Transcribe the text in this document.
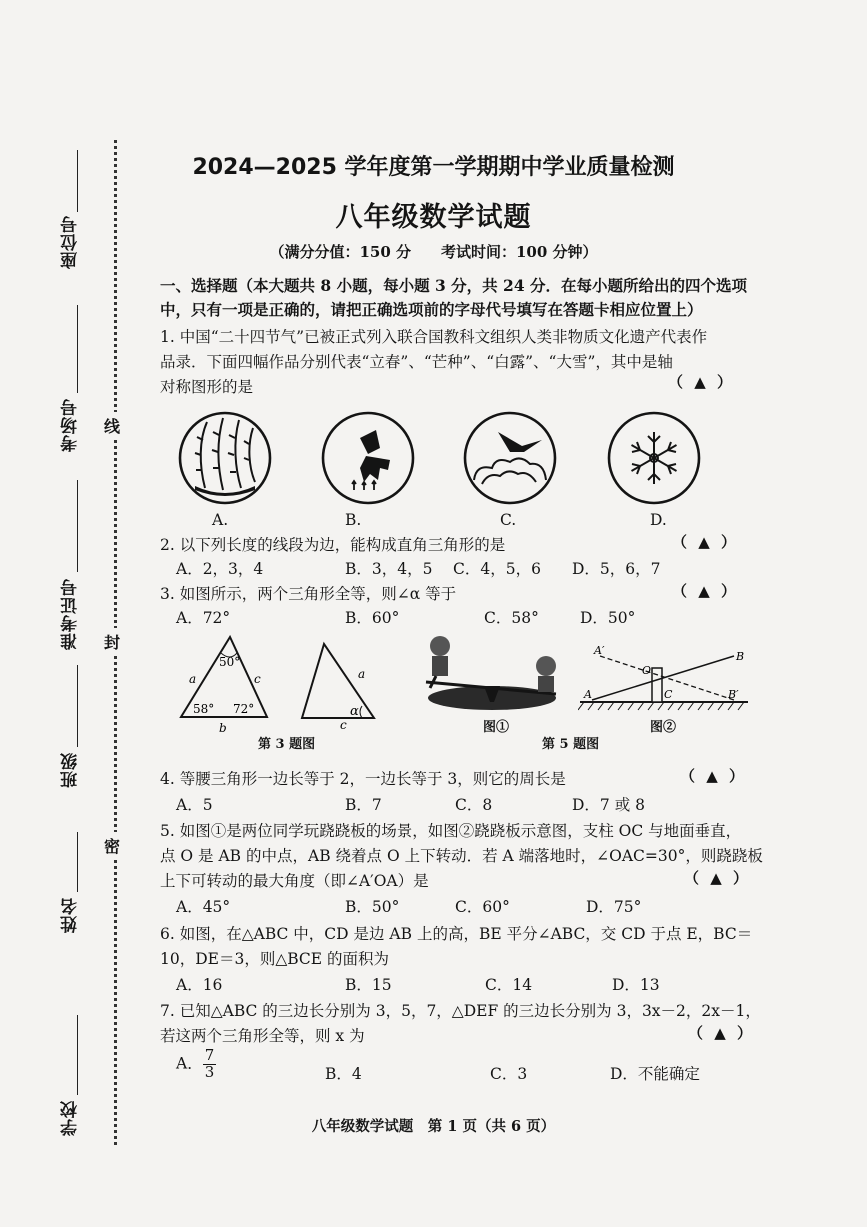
座位号
考场号
准考证号
班级
姓名
学校
线
封
密
2024—2025 学年度第一学期期中学业质量检测
八年级数学试题
（满分分值：150 分　　考试时间：100 分钟）
一、选择题（本大题共 8 小题，每小题 3 分，共 24 分．在每小题所给出的四个选项
中，只有一项是正确的，请把正确选项前的字母代号填写在答题卡相应位置上）
1. 中国“二十四节气”已被正式列入联合国教科文组织人类非物质文化遗产代表作
品录．下面四幅作品分别代表“立春”、“芒种”、“白露”、“大雪”，其中是轴
对称图形的是	（ ▲ ）
A.	B.	C.	D.
2. 以下列长度的线段为边，能构成直角三角形的是	（ ▲ ）
A．2，3，4	B．3，4，5 C．4，5，6 D．5，6，7
3. 如图所示，两个三角形全等，则∠α 等于	（ ▲ ）
A．72°	B．60°	C．58°	D．50°
50°
a	c
58° 72°
b
a
α
c
第 3 题图
图①
A′
O
B
A	C	B′
图②
第 5 题图
4. 等腰三角形一边长等于 2，一边长等于 3，则它的周长是	（ ▲ ）
A．5	B．7	C．8	D．7 或 8
5. 如图①是两位同学玩跷跷板的场景，如图②跷跷板示意图，支柱 OC 与地面垂直，
点 O 是 AB 的中点，AB 绕着点 O 上下转动．若 A 端落地时，∠OAC=30°，则跷跷板
上下可转动的最大角度（即∠A′OA）是	（ ▲ ）
A．45°	B．50°	C．60°	D．75°
6. 如图，在△ABC 中，CD 是边 AB 上的高，BE 平分∠ABC，交 CD 于点 E，BC＝
10，DE＝3，则△BCE 的面积为
A．16	B．15	C．14	D．13
7. 已知△ABC 的三边长分别为 3，5，7，△DEF 的三边长分别为 3，3x－2，2x－1，
若这两个三角形全等，则 x 为	（ ▲ ）
A． $\frac{7}{3}$	B．4	C．3	D．不能确定
八年级数学试题　第 1 页（共 6 页）
